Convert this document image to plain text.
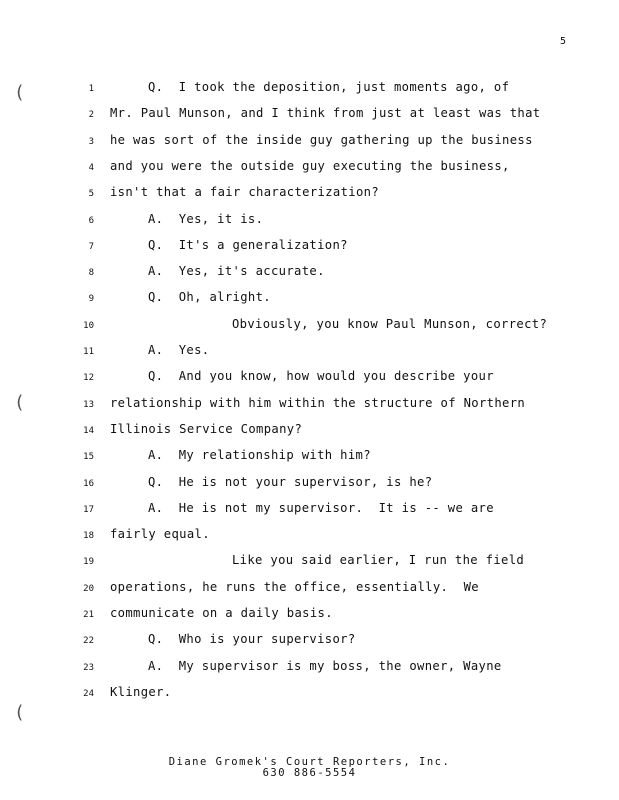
5
(
(
(
1	Q.  I took the deposition, just moments ago, of
2 Mr. Paul Munson, and I think from just at least was that
3 he was sort of the inside guy gathering up the business
4 and you were the outside guy executing the business,
5 isn't that a fair characterization?
6	A.  Yes, it is.
7	Q.  It's a generalization?
8	A.  Yes, it's accurate.
9	Q.  Oh, alright.
10	Obviously, you know Paul Munson, correct?
11	A.  Yes.
12	Q.  And you know, how would you describe your
13 relationship with him within the structure of Northern
14 Illinois Service Company?
15	A.  My relationship with him?
16	Q.  He is not your supervisor, is he?
17	A.  He is not my supervisor.  It is -- we are
18 fairly equal.
19	Like you said earlier, I run the field
20 operations, he runs the office, essentially.  We
21 communicate on a daily basis.
22	Q.  Who is your supervisor?
23	A.  My supervisor is my boss, the owner, Wayne
24 Klinger.
Diane Gromek's Court Reporters, Inc.
630 886-5554
